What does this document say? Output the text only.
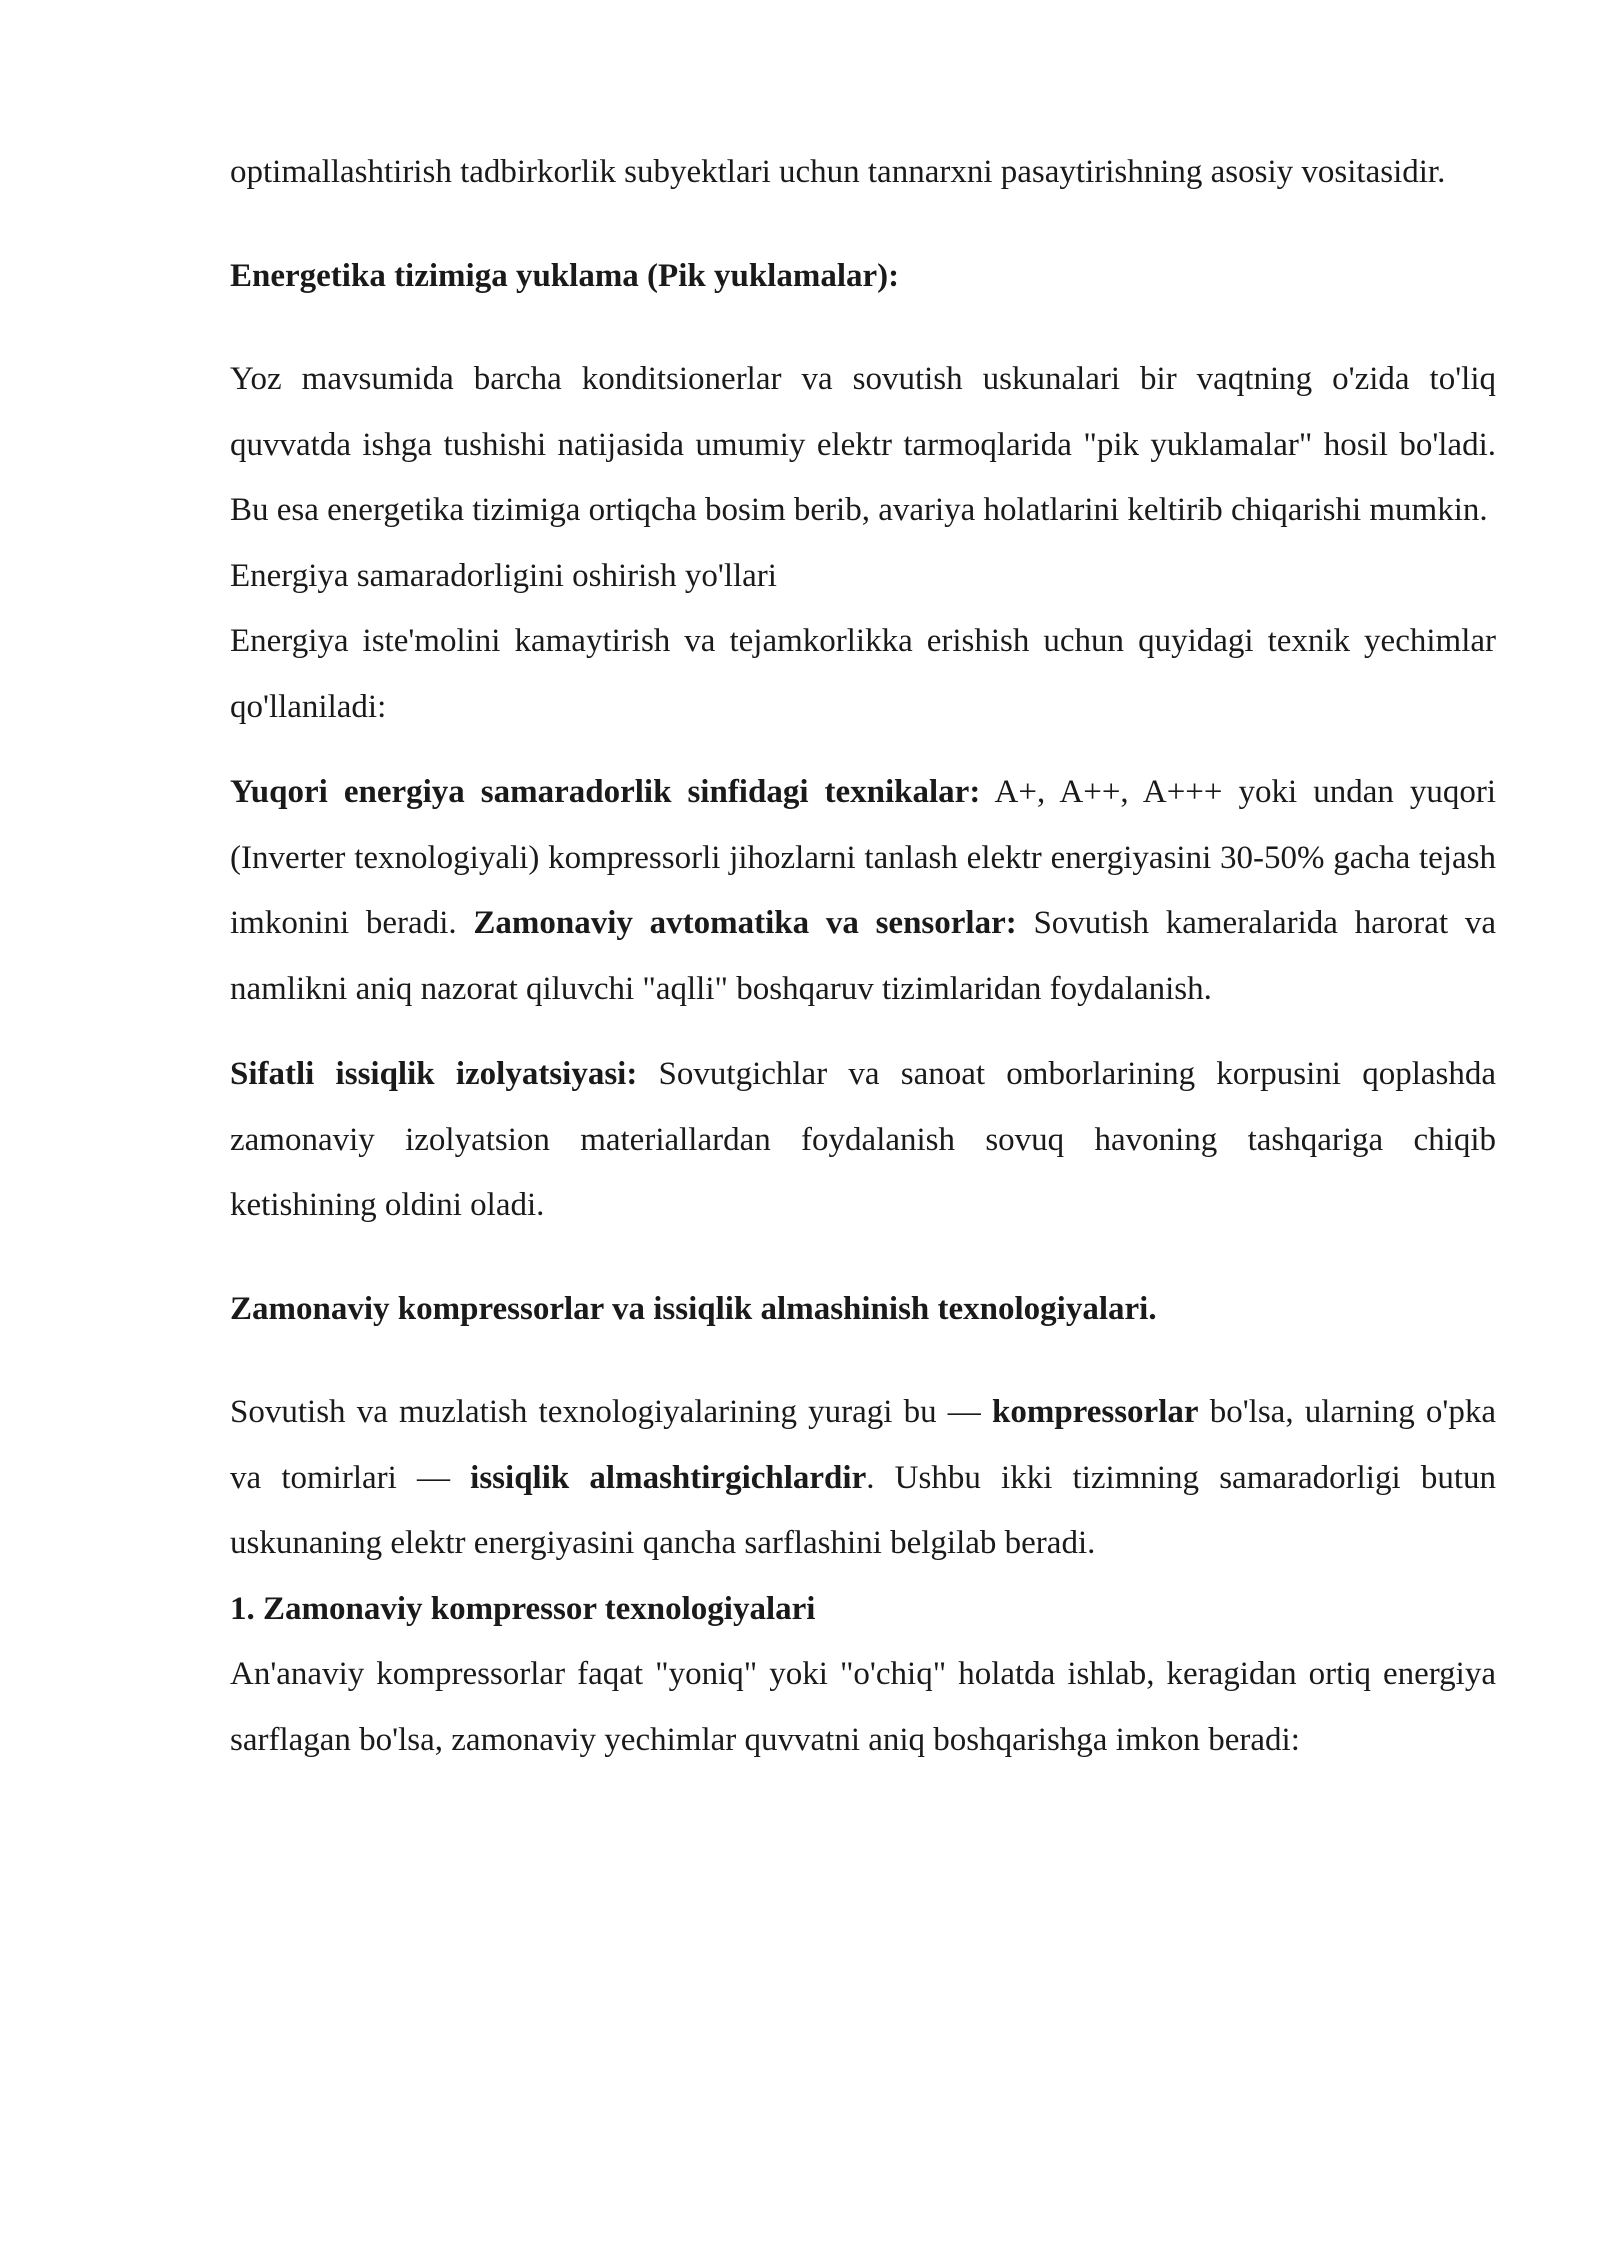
optimallashtirish tadbirkorlik subyektlari uchun tannarxni pasaytirishning asosiy vositasidir.

Energetika tizimiga yuklama (Pik yuklamalar):

Yoz mavsumida barcha konditsionerlar va sovutish uskunalari bir vaqtning o'zida to'liq quvvatda ishga tushishi natijasida umumiy elektr tarmoqlarida "pik yuklamalar" hosil bo'ladi. Bu esa energetika tizimiga ortiqcha bosim berib, avariya holatlarini keltirib chiqarishi mumkin.

Energiya samaradorligini oshirish yo'llari

Energiya iste'molini kamaytirish va tejamkorlikka erishish uchun quyidagi texnik yechimlar qo'llaniladi:

Yuqori energiya samaradorlik sinfidagi texnikalar: A+, A++, A+++ yoki undan yuqori (Inverter texnologiyali) kompressorli jihozlarni tanlash elektr energiyasini 30-50% gacha tejash imkonini beradi. Zamonaviy avtomatika va sensorlar: Sovutish kameralarida harorat va namlikni aniq nazorat qiluvchi "aqlli" boshqaruv tizimlaridan foydalanish.

Sifatli issiqlik izolyatsiyasi: Sovutgichlar va sanoat omborlarining korpusini qoplashda zamonaviy izolyatsion materiallardan foydalanish sovuq havoning tashqariga chiqib ketishining oldini oladi.

Zamonaviy kompressorlar va issiqlik almashinish texnologiyalari.

Sovutish va muzlatish texnologiyalarining yuragi bu — kompressorlar bo'lsa, ularning o'pka va tomirlari — issiqlik almashtirgichlardir. Ushbu ikki tizimning samaradorligi butun uskunaning elektr energiyasini qancha sarflashini belgilab beradi.

1. Zamonaviy kompressor texnologiyalari

An'anaviy kompressorlar faqat "yoniq" yoki "o'chiq" holatda ishlab, keragidan ortiq energiya sarflagan bo'lsa, zamonaviy yechimlar quvvatni aniq boshqarishga imkon beradi:
